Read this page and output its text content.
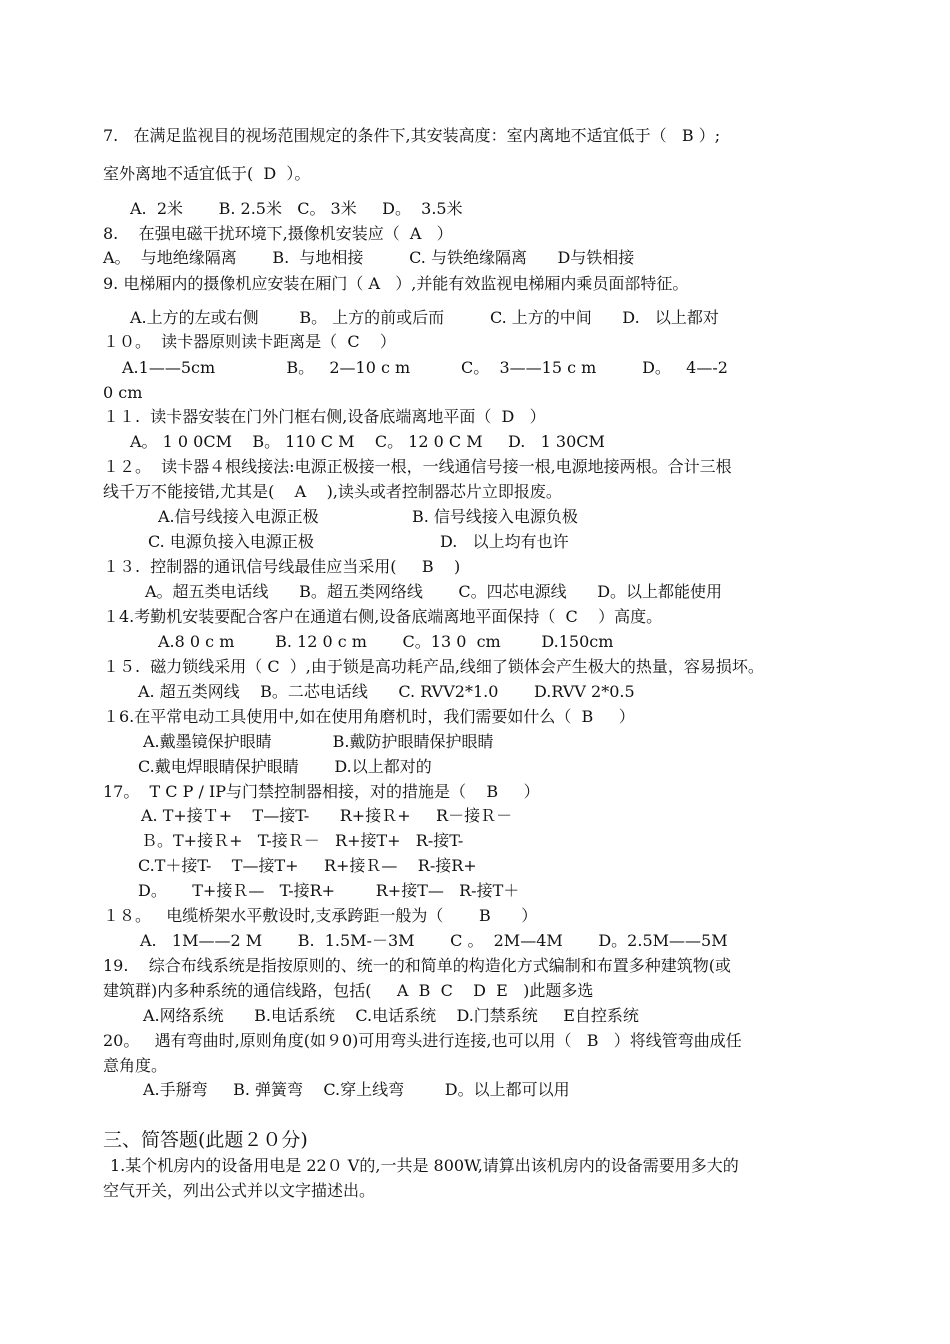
7.   在满足监视目的视场范围规定的条件下,其安装高度：室内离地不适宜低于（   B ）;
室外离地不适宜低于(  D  ）。
A.  2米       B. 2.5米   C。 3米     D。  3.5米
8.    在强电磁干扰环境下,摄像机安装应（  A   ）
A。  与地绝缘隔离       B.  与地相接         C. 与铁绝缘隔离      D与铁相接
9. 电梯厢内的摄像机应安装在厢门（ A   ）,并能有效监视电梯厢内乘员面部特征。
A.上方的左或右侧        B。 上方的前或后而         C. 上方的中间      D.   以上都对
１０。  读卡器原则读卡距离是（  C    ）
A.1——5cm              B。   2—10 c m          C。  3——15 c m         D。   4—-2
0 cm
１１.  读卡器安装在门外门框右侧,设备底端离地平面（  D   ）
A。 1 0 0CM    B。 110 C M    C。 12 0 C M     D.   1 30CM
１２。  读卡器４根线接法:电源正极接一根，一线通信号接一根,电源地接两根。合计三根
线千万不能接错,尤其是(    A    ),读头或者控制器芯片立即报废。
A.信号线接入电源正极	B. 信号线接入电源负极
C. 电源负接入电源正极	D.   以上均有也许
１３.  控制器的通讯信号线最佳应当采用(     B    )
A。超五类电话线      B。超五类网络线       C。四芯电源线      D。以上都能使用
１4.考勤机安装要配合客户在通道右侧,设备底端离地平面保持（  C    ）高度。
A.8 0 c m        B. 12 0 c m       C。13 0  cm        D.150cm
１５.  磁力锁线采用（ C  ）,由于锁是高功耗产品,线细了锁体会产生极大的热量，容易损坏。
A. 超五类网线    B。二芯电话线      C. RVV2*1.0       D.RVV 2*0.5
１6.在平常电动工具使用中,如在使用角磨机时，我们需要如什么（  B     ）
A.戴墨镜保护眼睛            B.戴防护眼睛保护眼睛
C.戴电焊眼睛保护眼睛       D.以上都对的
17。  T C P / IP与门禁控制器相接，对的措施是（    B     ）
A. T+接Ｔ+    T—接T-      R+接Ｒ+     R－接Ｒ－
Ｂ。T+接Ｒ+   T-接Ｒ－   R+接T+   R-接T-
C.T＋接T-    T—接T+     R+接Ｒ—    R-接R+
D。     T+接Ｒ—   T-接R+        R+接T—   R-接T＋
１８。   电缆桥架水平敷设时,支承跨距一般为（       B      ）
A.   1M——2 M       B.  1.5M-－3M       C 。  2M—4M       D。2.5M——5M
19.    综合布线系统是指按原则的、统一的和简单的构造化方式编制和布置多种建筑物(或
建筑群)内多种系统的通信线路，包括(     A  B  C    D  E   )此题多选
A.网络系统      B.电话系统    C.电话系统    D.门禁系统     E自控系统
20。   遇有弯曲时,原则角度(如９0)可用弯头进行连接,也可以用（   B   ）将线管弯曲成任
意角度。
A.手掰弯     B. 弹簧弯    C.穿上线弯        D。以上都可以用
三、简答题(此题２０分)
1.某个机房内的设备用电是 22０ V的,一共是 800W,请算出该机房内的设备需要用多大的
空气开关，列出公式并以文字描述出。
